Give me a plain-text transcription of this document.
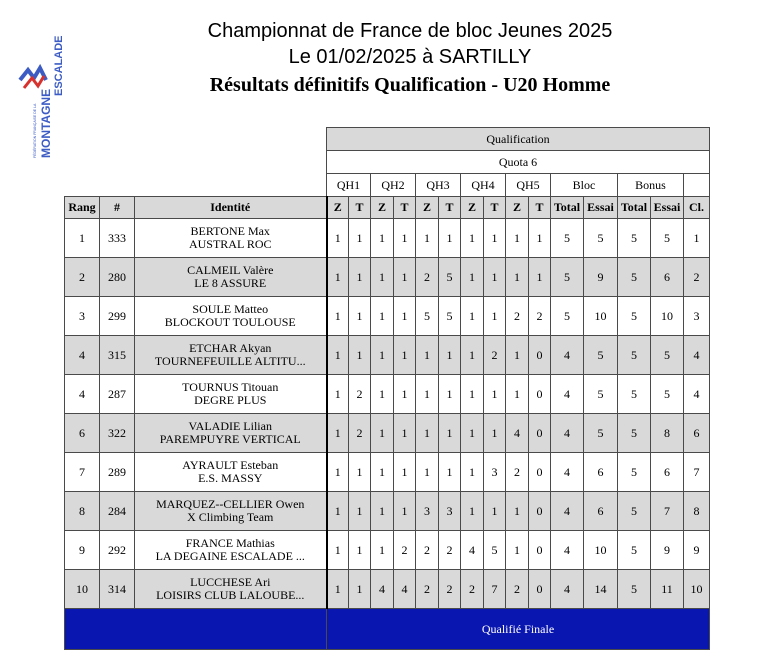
MONTAGNE
ESCALADE
FÉDÉRATION FRANÇAISE DE LA
Championnat de France de bloc Jeunes 2025
Le 01/02/2025 à SARTILLY
Résultats définitifs Qualification - U20 Homme
			Qualification														
			Quota 6														
			QH1		QH2		QH3		QH4		QH5		Bloc		Bonus		
Rang	#	Identité	Z	T	Z	T	Z	T	Z	T	Z	T	Total	Essai	Total	Essai	Cl.
1	333	BERTONE Max
AUSTRAL ROC	1	1	1	1	1	1	1	1	1	1	5	5	5	5	1
2	280	CALMEIL Valère
LE 8 ASSURE	1	1	1	1	2	5	1	1	1	1	5	9	5	6	2
3	299	SOULE Matteo
BLOCKOUT TOULOUSE	1	1	1	1	5	5	1	1	2	2	5	10	5	10	3
4	315	ETCHAR Akyan
TOURNEFEUILLE ALTITU...	1	1	1	1	1	1	1	2	1	0	4	5	5	5	4
4	287	TOURNUS Titouan
DEGRE PLUS	1	2	1	1	1	1	1	1	1	0	4	5	5	5	4
6	322	VALADIE Lilian
PAREMPUYRE VERTICAL	1	2	1	1	1	1	1	1	4	0	4	5	5	8	6
7	289	AYRAULT Esteban
E.S. MASSY	1	1	1	1	1	1	1	3	2	0	4	6	5	6	7
8	284	MARQUEZ--CELLIER Owen
X Climbing Team	1	1	1	1	3	3	1	1	1	0	4	6	5	7	8
9	292	FRANCE Mathias
LA DEGAINE ESCALADE ...	1	1	1	2	2	2	4	5	1	0	4	10	5	9	9
10	314	LUCCHESE Ari
LOISIRS CLUB LALOUBE...	1	1	4	4	2	2	2	7	2	0	4	14	5	11	10
			Qualifié Finale														
